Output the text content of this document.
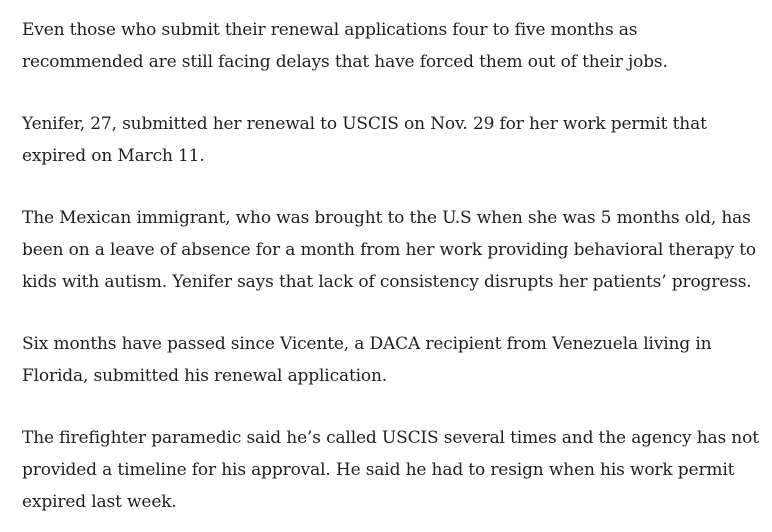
Even those who submit their renewal applications four to five months as recommended are still facing delays that have forced them out of their jobs.

Yenifer, 27, submitted her renewal to USCIS on Nov. 29 for her work permit that expired on March 11.

The Mexican immigrant, who was brought to the U.S when she was 5 months old, has been on a leave of absence for a month from her work providing behavioral therapy to kids with autism. Yenifer says that lack of consistency disrupts her patients’ progress.

Six months have passed since Vicente, a DACA recipient from Venezuela living in Florida, submitted his renewal application.

The firefighter paramedic said he’s called USCIS several times and the agency has not provided a timeline for his approval. He said he had to resign when his work permit expired last week.
